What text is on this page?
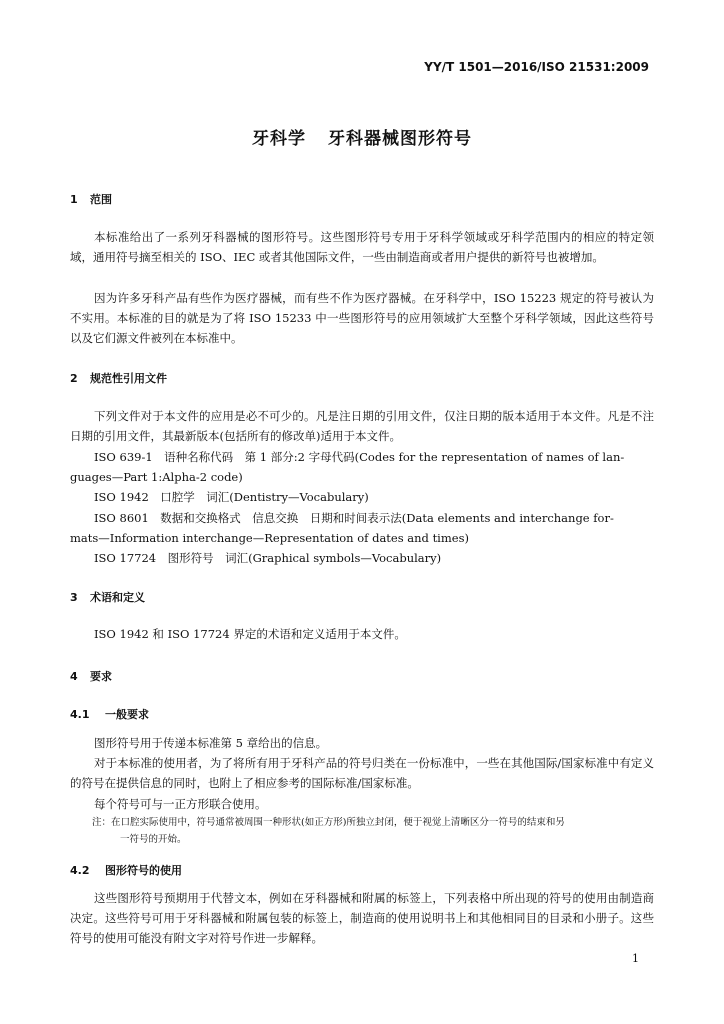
YY/T 1501—2016/ISO 21531:2009
牙科学 牙科器械图形符号
1 范围
本标准给出了一系列牙科器械的图形符号。这些图形符号专用于牙科学领域或牙科学范围内的相应的特定领域，通用符号摘至相关的 ISO、IEC 或者其他国际文件，一些由制造商或者用户提供的新符号也被增加。
因为许多牙科产品有些作为医疗器械，而有些不作为医疗器械。在牙科学中，ISO 15223 规定的符号被认为不实用。本标准的目的就是为了将 ISO 15233 中一些图形符号的应用领域扩大至整个牙科学领域，因此这些符号以及它们源文件被列在本标准中。
2 规范性引用文件
下列文件对于本文件的应用是必不可少的。凡是注日期的引用文件，仅注日期的版本适用于本文件。凡是不注日期的引用文件，其最新版本(包括所有的修改单)适用于本文件。
ISO 639-1　语种名称代码　第 1 部分:2 字母代码(Codes for the representation of names of lan-
guages—Part 1:Alpha-2 code)
ISO 1942　口腔学　词汇(Dentistry—Vocabulary)
ISO 8601　数据和交换格式　信息交换　日期和时间表示法(Data elements and interchange for-
mats—Information interchange—Representation of dates and times)
ISO 17724　图形符号　词汇(Graphical symbols—Vocabulary)
3 术语和定义
ISO 1942 和 ISO 17724 界定的术语和定义适用于本文件。
4 要求
4.1 一般要求
图形符号用于传递本标准第 5 章给出的信息。
对于本标准的使用者，为了将所有用于牙科产品的符号归类在一份标准中，一些在其他国际/国家标准中有定义的符号在提供信息的同时，也附上了相应参考的国际标准/国家标准。
每个符号可与一正方形联合使用。
注：在口腔实际使用中，符号通常被周围一种形状(如正方形)所独立封闭，便于视觉上清晰区分一符号的结束和另
一符号的开始。
4.2 图形符号的使用
这些图形符号预期用于代替文本，例如在牙科器械和附属的标签上，下列表格中所出现的符号的使用由制造商决定。这些符号可用于牙科器械和附属包装的标签上，制造商的使用说明书上和其他相同目的目录和小册子。这些符号的使用可能没有附文字对符号作进一步解释。
1
